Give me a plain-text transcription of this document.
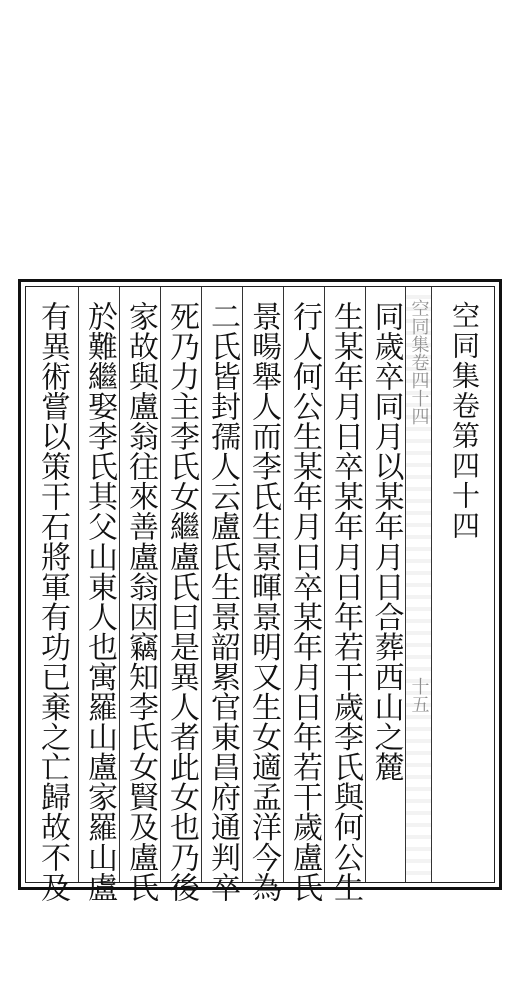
有異術嘗以策干石將軍有功已棄之亡歸故不及 於難繼娶李氏其父山東人也寓羅山盧家羅山盧 家故與盧翁往來善盧翁因竊知李氏女賢及盧氏 死乃力主李氏女繼盧氏曰是異人者此女也乃後 二氏皆封孺人云盧氏生景韶累官東昌府通判卒 景暘舉人而李氏生景暉景明又生女適孟洋今為 行人何公生某年月日卒某年月日年若干歲盧氏 生某年月日卒某年月日年若干歲李氏與何公生 同歲卒同月以某年月日合葬西山之麓 空同集卷四十四
十五
空同集卷第四十四
